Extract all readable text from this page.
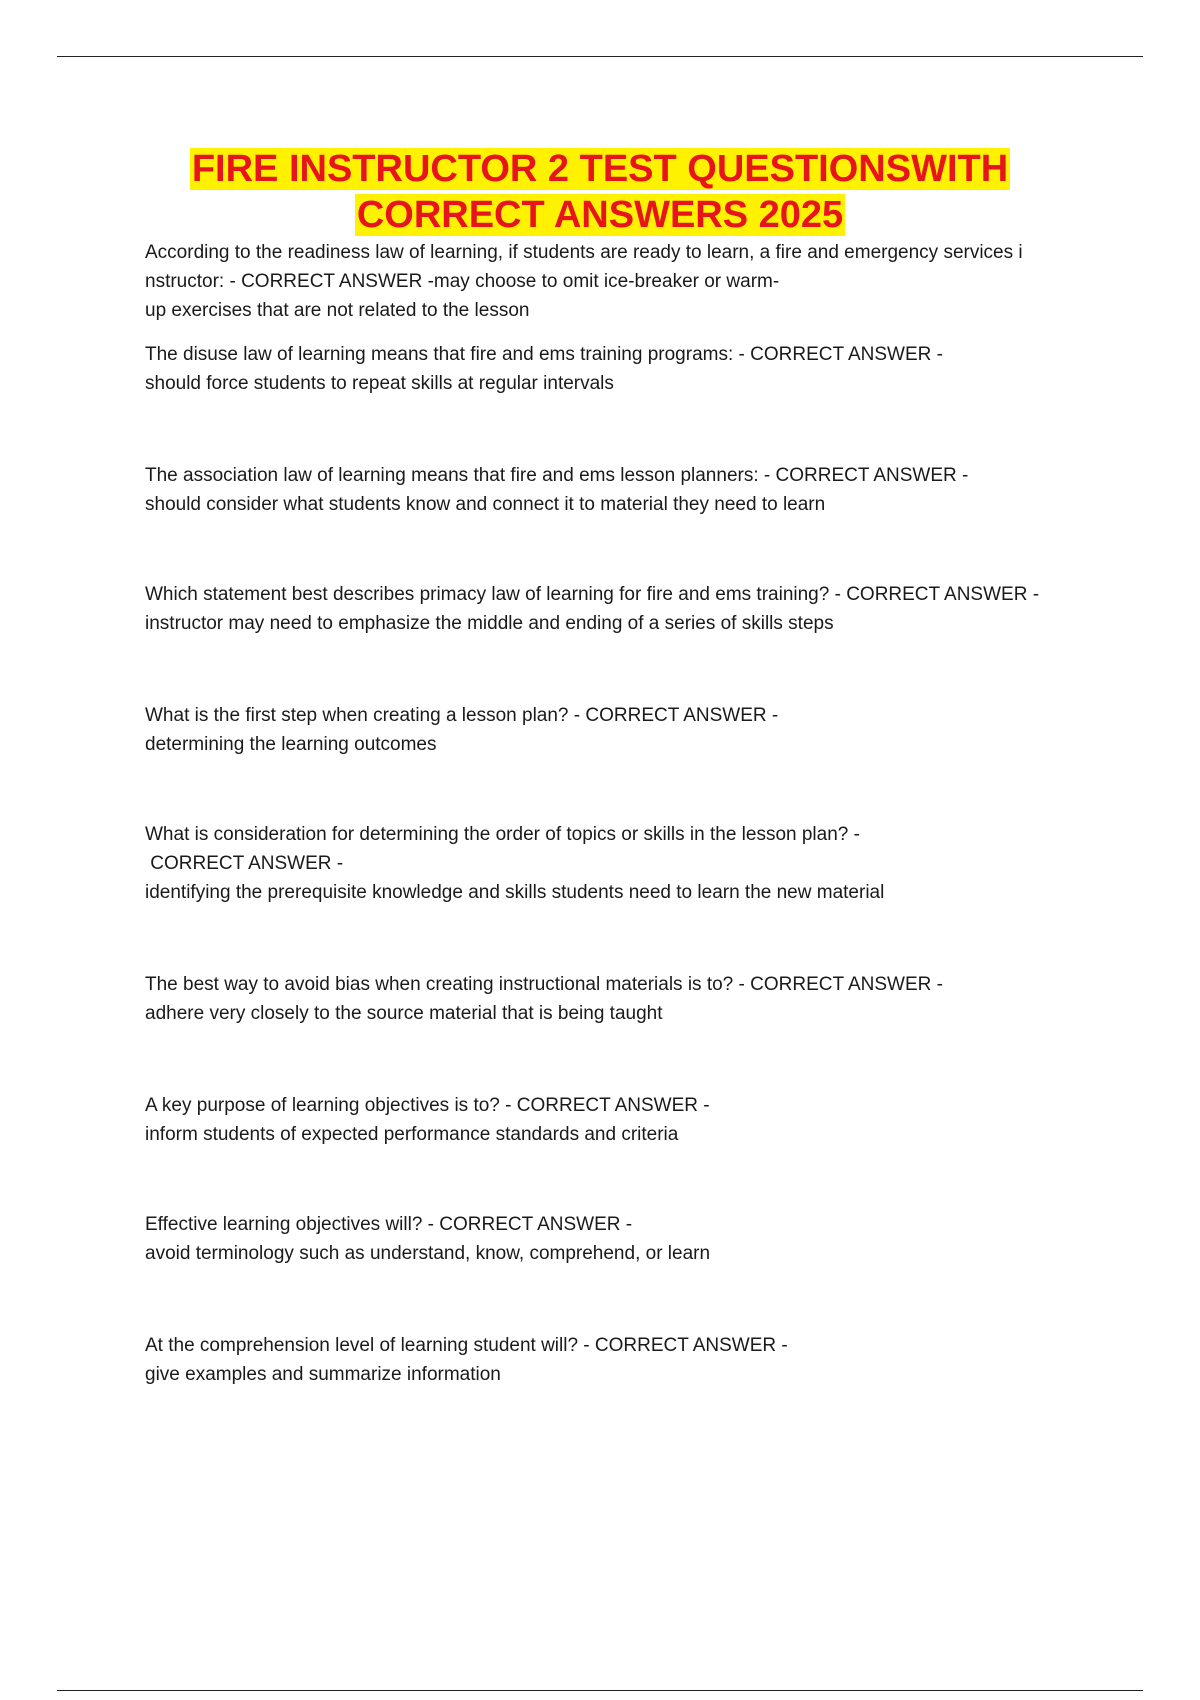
FIRE INSTRUCTOR 2 TEST QUESTIONSWITH
CORRECT ANSWERS 2025
According to the readiness law of learning, if students are ready to learn, a fire and emergency services i
nstructor: - CORRECT ANSWER -may choose to omit ice-breaker or warm-
up exercises that are not related to the lesson
The disuse law of learning means that fire and ems training programs: - CORRECT ANSWER -
should force students to repeat skills at regular intervals
The association law of learning means that fire and ems lesson planners: - CORRECT ANSWER -
should consider what students know and connect it to material they need to learn
Which statement best describes primacy law of learning for fire and ems training? - CORRECT ANSWER -
instructor may need to emphasize the middle and ending of a series of skills steps
What is the first step when creating a lesson plan? - CORRECT ANSWER -
determining the learning outcomes
What is consideration for determining the order of topics or skills in the lesson plan? -
CORRECT ANSWER -
identifying the prerequisite knowledge and skills students need to learn the new material
The best way to avoid bias when creating instructional materials is to? - CORRECT ANSWER -
adhere very closely to the source material that is being taught
A key purpose of learning objectives is to? - CORRECT ANSWER -
inform students of expected performance standards and criteria
Effective learning objectives will? - CORRECT ANSWER -
avoid terminology such as understand, know, comprehend, or learn
At the comprehension level of learning student will? - CORRECT ANSWER -
give examples and summarize information
